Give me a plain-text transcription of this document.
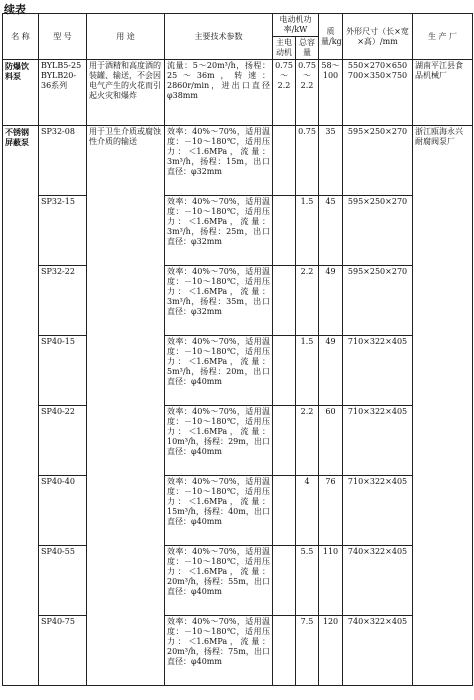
续表
名 称	型 号	用 途	主要技术参数	电动机功率/kW		质量/kg	外形尺寸（长×宽×高）/mm	生 产 厂
				主电动机	总容量			
防爆饮料泵	BYLB5-25 BYLB20-36系列	用于酒精和高度酒的装罐、输送，不会因电气产生的火花而引起火灾和爆炸	流量：5～20m³/h，扬程：25～36m，转速：2860r/min，进出口直径φ38mm	0.75～2.2	0.75～2.2	58～100	550×270×650 700×350×750	湖南平江县食品机械厂
不锈钢屏蔽泵	SP32-08	用于卫生介质或腐蚀性介质的输送	效率：40%～70%，适用温度：－10～180℃，适用压力：＜1.6MPa，流量：3m³/h，扬程：15m，出口直径：φ32mm		0.75	35	595×250×270	浙江瓯海永兴耐腐阀泵厂
	SP32-15		效率：40%～70%，适用温度：－10～180℃，适用压力：＜1.6MPa，流量：3m³/h，扬程：25m，出口直径：φ32mm		1.5	45	595×250×270	
	SP32-22		效率：40%～70%，适用温度：－10～180℃，适用压力：＜1.6MPa，流量：3m³/h，扬程：35m，出口直径：φ32mm		2.2	49	595×250×270	
	SP40-15		效率：40%～70%，适用温度：－10～180℃，适用压力：＜1.6MPa，流量：5m³/h，扬程：20m，出口直径：φ40mm		1.5	49	710×322×405	
	SP40-22		效率：40%～70%，适用温度：－10～180℃，适用压力：＜1.6MPa，流量：10m³/h，扬程：29m，出口直径：φ40mm		2.2	60	710×322×405	
	SP40-40		效率：40%～70%，适用温度：－10～180℃，适用压力：＜1.6MPa，流量：15m³/h，扬程：40m，出口直径：φ40mm		4	76	710×322×405	
	SP40-55		效率：40%～70%，适用温度：－10～180℃，适用压力：＜1.6MPa，流量：20m³/h，扬程：55m，出口直径：φ40mm		5.5	110	740×322×405	
	SP40-75		效率：40%～70%，适用温度：－10～180℃，适用压力：＜1.6MPa，流量：20m³/h，扬程：75m，出口直径：φ40mm		7.5	120	740×322×405	
